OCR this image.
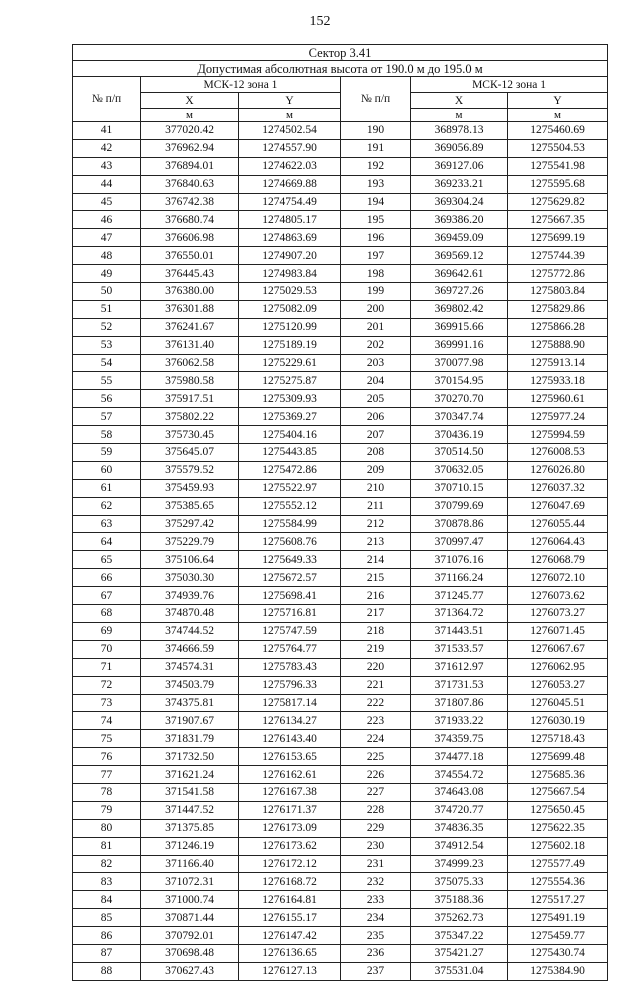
152
Сектор 3.41					
Допустимая абсолютная высота от 190.0 м до 195.0 м					
№ п/п	МСК-12 зона 1		№ п/п	МСК-12 зона 1	
	X	Y		X	Y
	м	м		м	м
41	377020.42	1274502.54	190	368978.13	1275460.69
42	376962.94	1274557.90	191	369056.89	1275504.53
43	376894.01	1274622.03	192	369127.06	1275541.98
44	376840.63	1274669.88	193	369233.21	1275595.68
45	376742.38	1274754.49	194	369304.24	1275629.82
46	376680.74	1274805.17	195	369386.20	1275667.35
47	376606.98	1274863.69	196	369459.09	1275699.19
48	376550.01	1274907.20	197	369569.12	1275744.39
49	376445.43	1274983.84	198	369642.61	1275772.86
50	376380.00	1275029.53	199	369727.26	1275803.84
51	376301.88	1275082.09	200	369802.42	1275829.86
52	376241.67	1275120.99	201	369915.66	1275866.28
53	376131.40	1275189.19	202	369991.16	1275888.90
54	376062.58	1275229.61	203	370077.98	1275913.14
55	375980.58	1275275.87	204	370154.95	1275933.18
56	375917.51	1275309.93	205	370270.70	1275960.61
57	375802.22	1275369.27	206	370347.74	1275977.24
58	375730.45	1275404.16	207	370436.19	1275994.59
59	375645.07	1275443.85	208	370514.50	1276008.53
60	375579.52	1275472.86	209	370632.05	1276026.80
61	375459.93	1275522.97	210	370710.15	1276037.32
62	375385.65	1275552.12	211	370799.69	1276047.69
63	375297.42	1275584.99	212	370878.86	1276055.44
64	375229.79	1275608.76	213	370997.47	1276064.43
65	375106.64	1275649.33	214	371076.16	1276068.79
66	375030.30	1275672.57	215	371166.24	1276072.10
67	374939.76	1275698.41	216	371245.77	1276073.62
68	374870.48	1275716.81	217	371364.72	1276073.27
69	374744.52	1275747.59	218	371443.51	1276071.45
70	374666.59	1275764.77	219	371533.57	1276067.67
71	374574.31	1275783.43	220	371612.97	1276062.95
72	374503.79	1275796.33	221	371731.53	1276053.27
73	374375.81	1275817.14	222	371807.86	1276045.51
74	371907.67	1276134.27	223	371933.22	1276030.19
75	371831.79	1276143.40	224	374359.75	1275718.43
76	371732.50	1276153.65	225	374477.18	1275699.48
77	371621.24	1276162.61	226	374554.72	1275685.36
78	371541.58	1276167.38	227	374643.08	1275667.54
79	371447.52	1276171.37	228	374720.77	1275650.45
80	371375.85	1276173.09	229	374836.35	1275622.35
81	371246.19	1276173.62	230	374912.54	1275602.18
82	371166.40	1276172.12	231	374999.23	1275577.49
83	371072.31	1276168.72	232	375075.33	1275554.36
84	371000.74	1276164.81	233	375188.36	1275517.27
85	370871.44	1276155.17	234	375262.73	1275491.19
86	370792.01	1276147.42	235	375347.22	1275459.77
87	370698.48	1276136.65	236	375421.27	1275430.74
88	370627.43	1276127.13	237	375531.04	1275384.90
